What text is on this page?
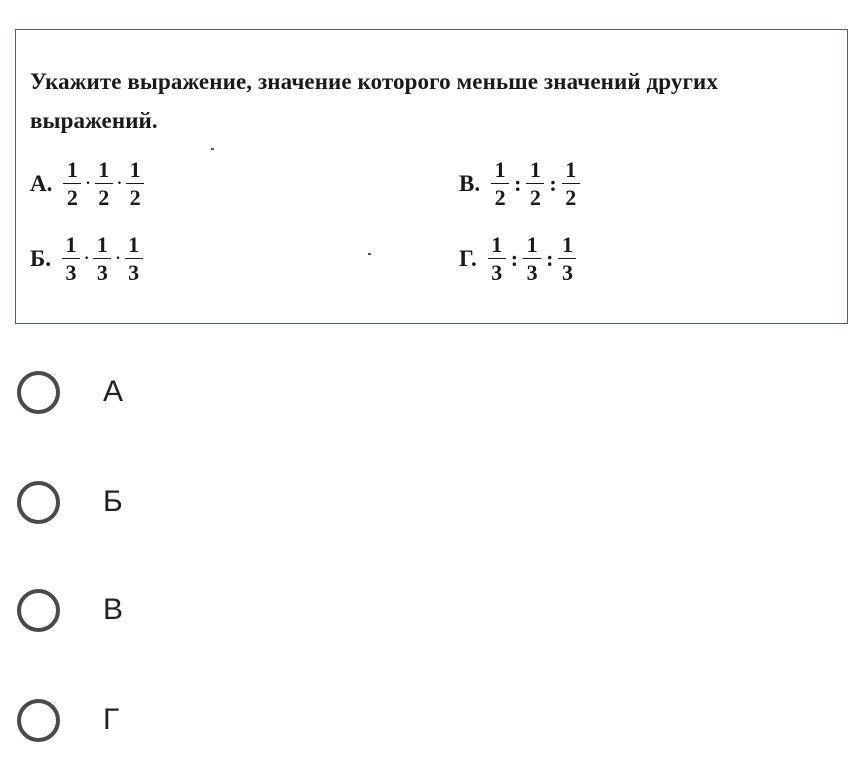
Укажите выражение, значение которого меньше значений других выражений.
А. $\frac{1}{2} \cdot \frac{1}{2} \cdot \frac{1}{2}$
Б. $\frac{1}{3} \cdot \frac{1}{3} \cdot \frac{1}{3}$
В. $\frac{1}{2}$ : $\frac{1}{2}$ : $\frac{1}{2}$
Г. $\frac{1}{3}$ : $\frac{1}{3}$ : $\frac{1}{3}$
А
Б
В
Г
